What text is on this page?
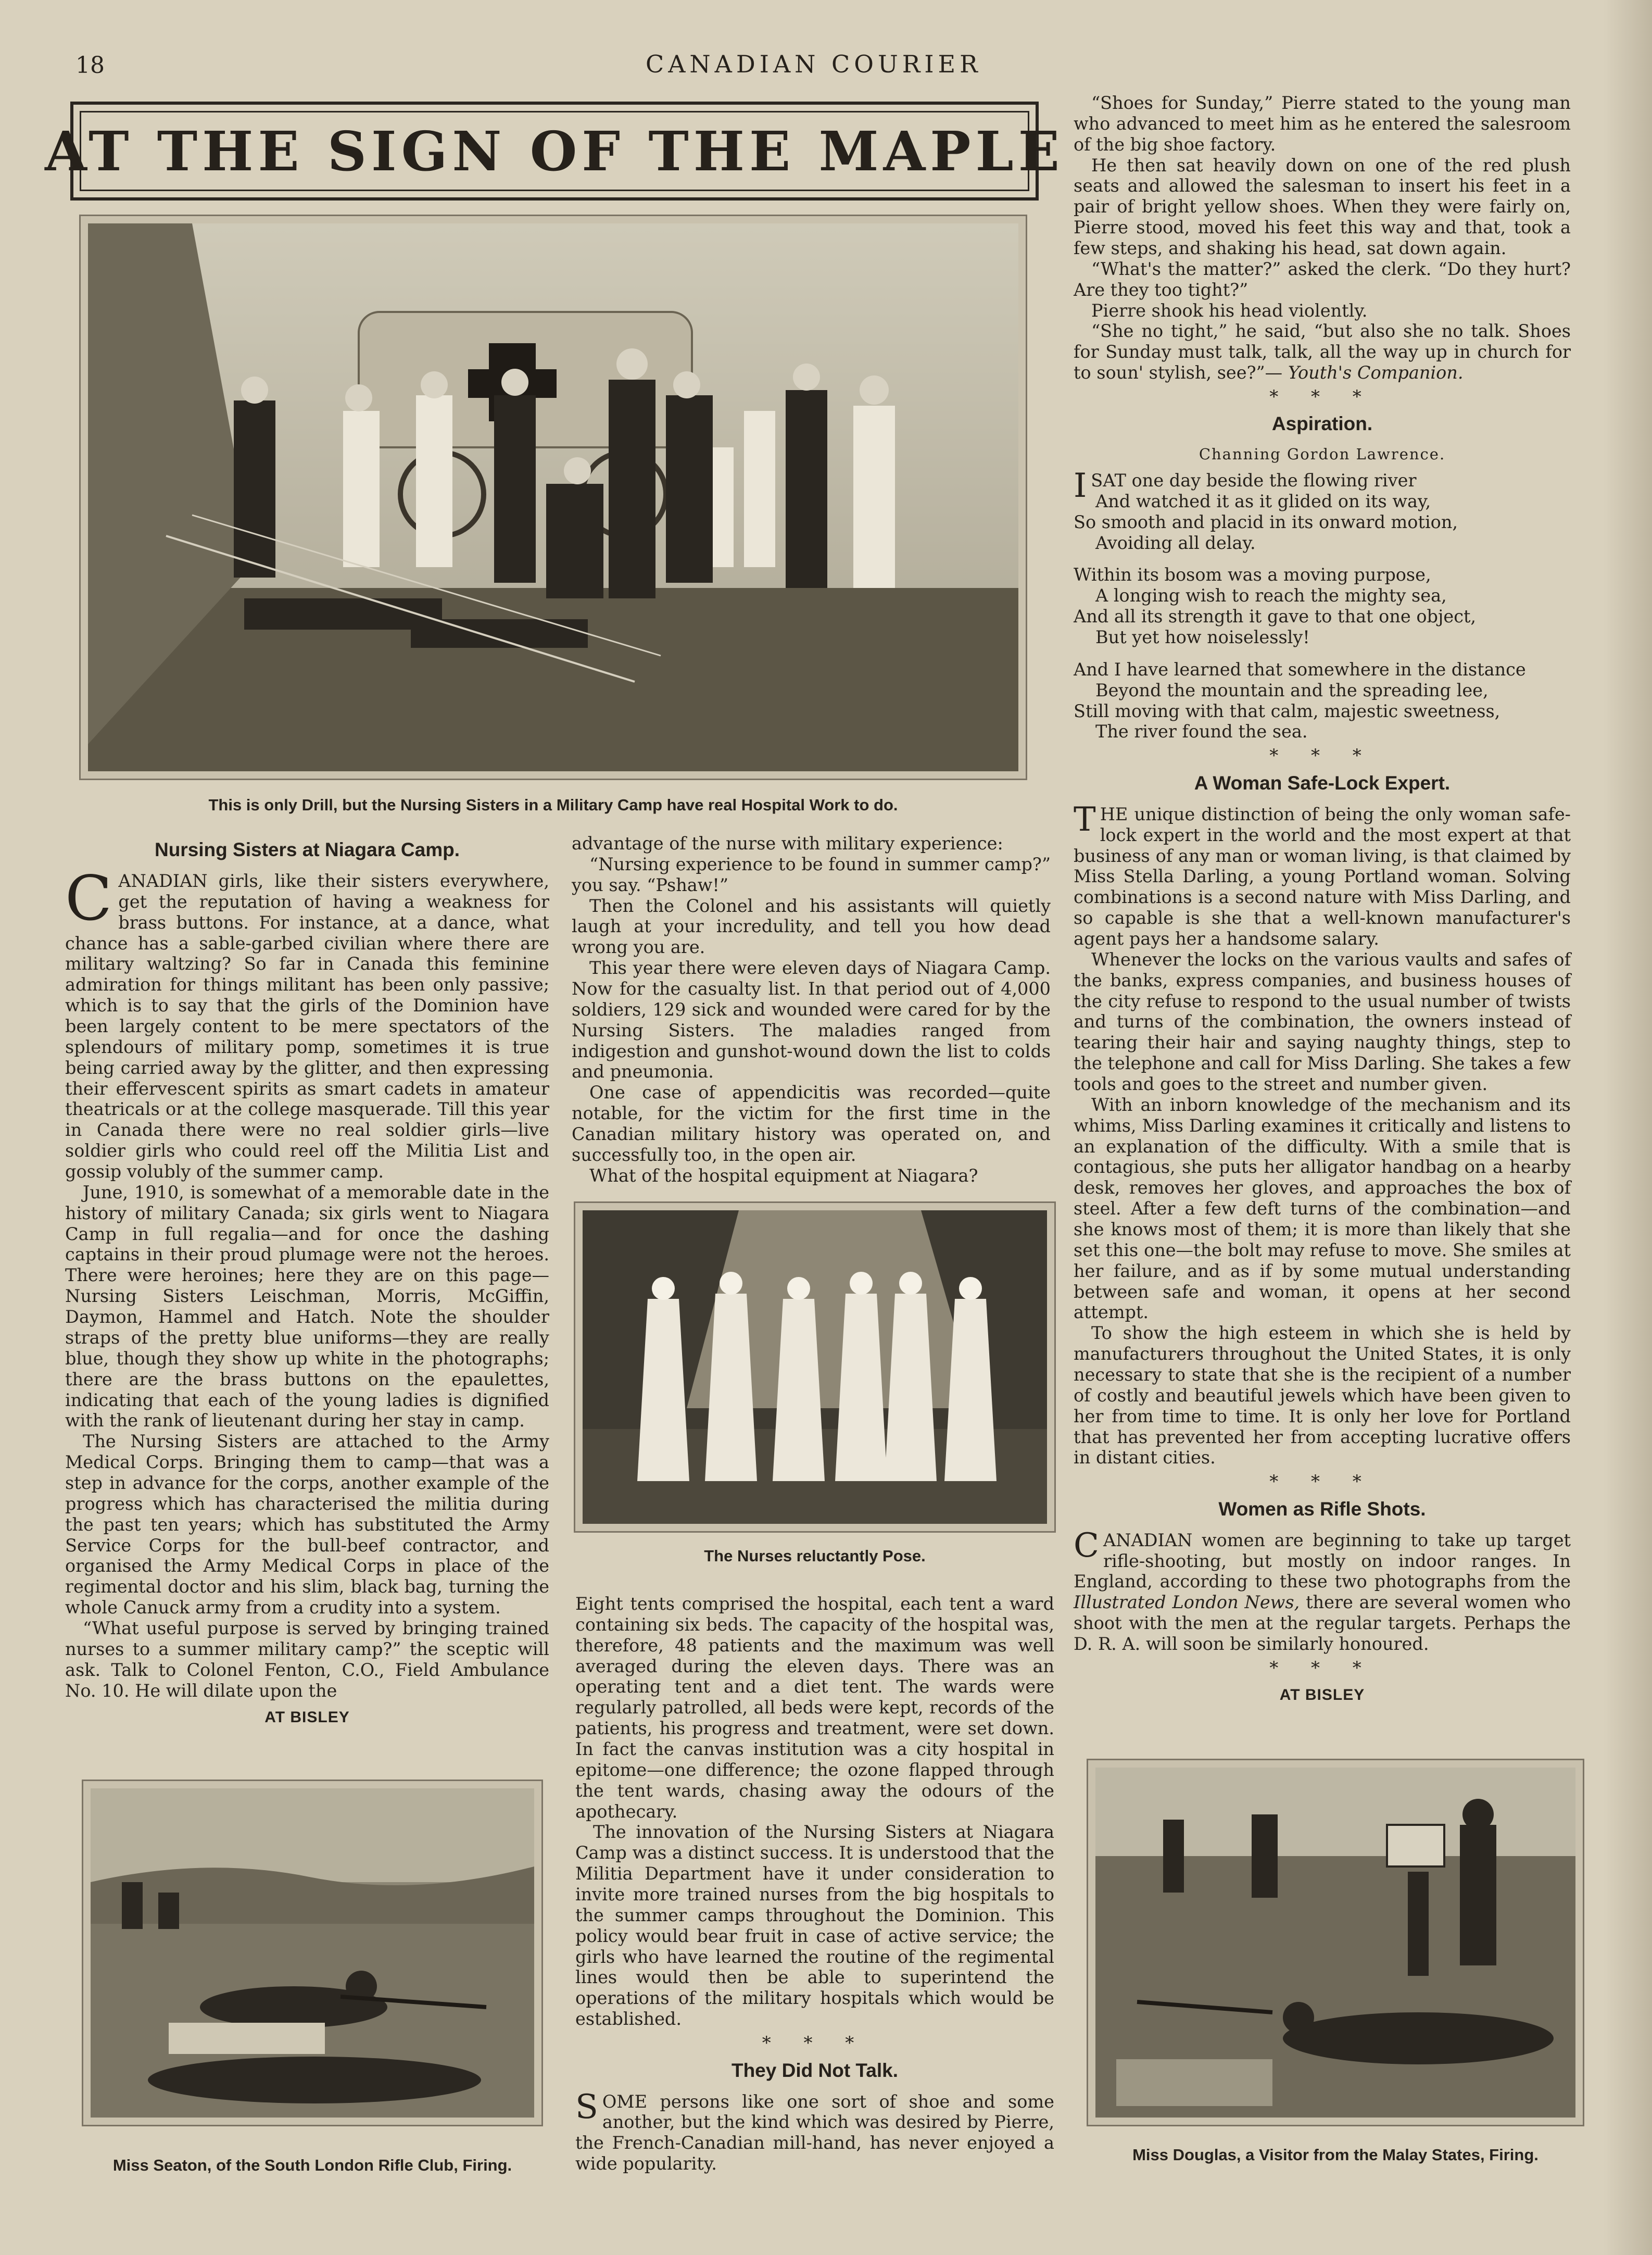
18	CANADIAN COURIER
AT THE SIGN OF THE MAPLE
This is only Drill, but the Nursing Sisters in a Military Camp have real Hospital Work to do.
Nursing Sisters at Niagara Camp.

CANADIAN girls, like their sisters everywhere, get the reputation of having a weakness for brass buttons. For instance, at a dance, what chance has a sable-garbed civilian where there are military waltzing? So far in Canada this feminine admiration for things militant has been only passive; which is to say that the girls of the Dominion have been largely content to be mere spectators of the splendours of military pomp, sometimes it is true being carried away by the glitter, and then expressing their effervescent spirits as smart cadets in amateur theatricals or at the college masquerade. Till this year in Canada there were no real soldier girls—live soldier girls who could reel off the Militia List and gossip volubly of the summer camp.

June, 1910, is somewhat of a memorable date in the history of military Canada; six girls went to Niagara Camp in full regalia—and for once the dashing captains in their proud plumage were not the heroes. There were heroines; here they are on this page—Nursing Sisters Leischman, Morris, McGiffin, Daymon, Hammel and Hatch. Note the shoulder straps of the pretty blue uniforms—they are really blue, though they show up white in the photographs; there are the brass buttons on the epaulettes, indicating that each of the young ladies is dignified with the rank of lieutenant during her stay in camp.

The Nursing Sisters are attached to the Army Medical Corps. Bringing them to camp—that was a step in advance for the corps, another example of the progress which has characterised the militia during the past ten years; which has substituted the Army Service Corps for the bull-beef contractor, and organised the Army Medical Corps in place of the regimental doctor and his slim, black bag, turning the whole Canuck army from a crudity into a system.

“What useful purpose is served by bringing trained nurses to a summer military camp?” the sceptic will ask. Talk to Colonel Fenton, C.O., Field Ambulance No. 10. He will dilate upon the

AT BISLEY
Miss Seaton, of the South London Rifle Club, Firing.

advantage of the nurse with military experience:

“Nursing experience to be found in summer camp?” you say. “Pshaw!”

Then the Colonel and his assistants will quietly laugh at your incredulity, and tell you how dead wrong you are.

This year there were eleven days of Niagara Camp. Now for the casualty list. In that period out of 4,000 soldiers, 129 sick and wounded were cared for by the Nursing Sisters. The maladies ranged from indigestion and gunshot-wound down the list to colds and pneumonia.

One case of appendicitis was recorded—quite notable, for the victim for the first time in the Canadian military history was operated on, and successfully too, in the open air.

What of the hospital equipment at Niagara?

The Nurses reluctantly Pose.

Eight tents comprised the hospital, each tent a ward containing six beds. The capacity of the hospital was, therefore, 48 patients and the maximum was well averaged during the eleven days. There was an operating tent and a diet tent. The wards were regularly patrolled, all beds were kept, records of the patients, his progress and treatment, were set down. In fact the canvas institution was a city hospital in epitome—one difference; the ozone flapped through the tent wards, chasing away the odours of the apothecary.

The innovation of the Nursing Sisters at Niagara Camp was a distinct success. It is understood that the Militia Department have it under consideration to invite more trained nurses from the big hospitals to the summer camps throughout the Dominion. This policy would bear fruit in case of active service; the girls who have learned the routine of the regimental lines would then be able to superintend the operations of the military hospitals which would be established.

* * *
They Did Not Talk.

SOME persons like one sort of shoe and some another, but the kind which was desired by Pierre, the French-Canadian mill-hand, has never enjoyed a wide popularity.

“Shoes for Sunday,” Pierre stated to the young man who advanced to meet him as he entered the salesroom of the big shoe factory.

He then sat heavily down on one of the red plush seats and allowed the salesman to insert his feet in a pair of bright yellow shoes. When they were fairly on, Pierre stood, moved his feet this way and that, took a few steps, and shaking his head, sat down again.

“What's the matter?” asked the clerk. “Do they hurt? Are they too tight?”

Pierre shook his head violently.

“She no tight,” he said, “but also she no talk. Shoes for Sunday must talk, talk, all the way up in church for to soun' stylish, see?”— Youth's Companion.

* * *
Aspiration.
Channing Gordon Lawrence.

ISAT one day beside the flowing river

And watched it as it glided on its way,

So smooth and placid in its onward motion,

Avoiding all delay.

Within its bosom was a moving purpose,

A longing wish to reach the mighty sea,

And all its strength it gave to that one object,

But yet how noiselessly!

And I have learned that somewhere in the distance

Beyond the mountain and the spreading lee,

Still moving with that calm, majestic sweetness,

The river found the sea.

* * *
A Woman Safe-Lock Expert.

THE unique distinction of being the only woman safe-lock expert in the world and the most expert at that business of any man or woman living, is that claimed by Miss Stella Darling, a young Portland woman. Solving combinations is a second nature with Miss Darling, and so capable is she that a well-known manufacturer's agent pays her a handsome salary.

Whenever the locks on the various vaults and safes of the banks, express companies, and business houses of the city refuse to respond to the usual number of twists and turns of the combination, the owners instead of tearing their hair and saying naughty things, step to the telephone and call for Miss Darling. She takes a few tools and goes to the street and number given.

With an inborn knowledge of the mechanism and its whims, Miss Darling examines it critically and listens to an explanation of the difficulty. With a smile that is contagious, she puts her alligator handbag on a hearby desk, removes her gloves, and approaches the box of steel. After a few deft turns of the combination—and she knows most of them; it is more than likely that she set this one—the bolt may refuse to move. She smiles at her failure, and as if by some mutual understanding between safe and woman, it opens at her second attempt.

To show the high esteem in which she is held by manufacturers throughout the United States, it is only necessary to state that she is the recipient of a number of costly and beautiful jewels which have been given to her from time to time. It is only her love for Portland that has prevented her from accepting lucrative offers in distant cities.

* * *
Women as Rifle Shots.

CANADIAN women are beginning to take up target rifle-shooting, but mostly on indoor ranges. In England, according to these two photographs from the Illustrated London News, there are several women who shoot with the men at the regular targets. Perhaps the D. R. A. will soon be similarly honoured.

* * *
AT BISLEY
Miss Douglas, a Visitor from the Malay States, Firing.
